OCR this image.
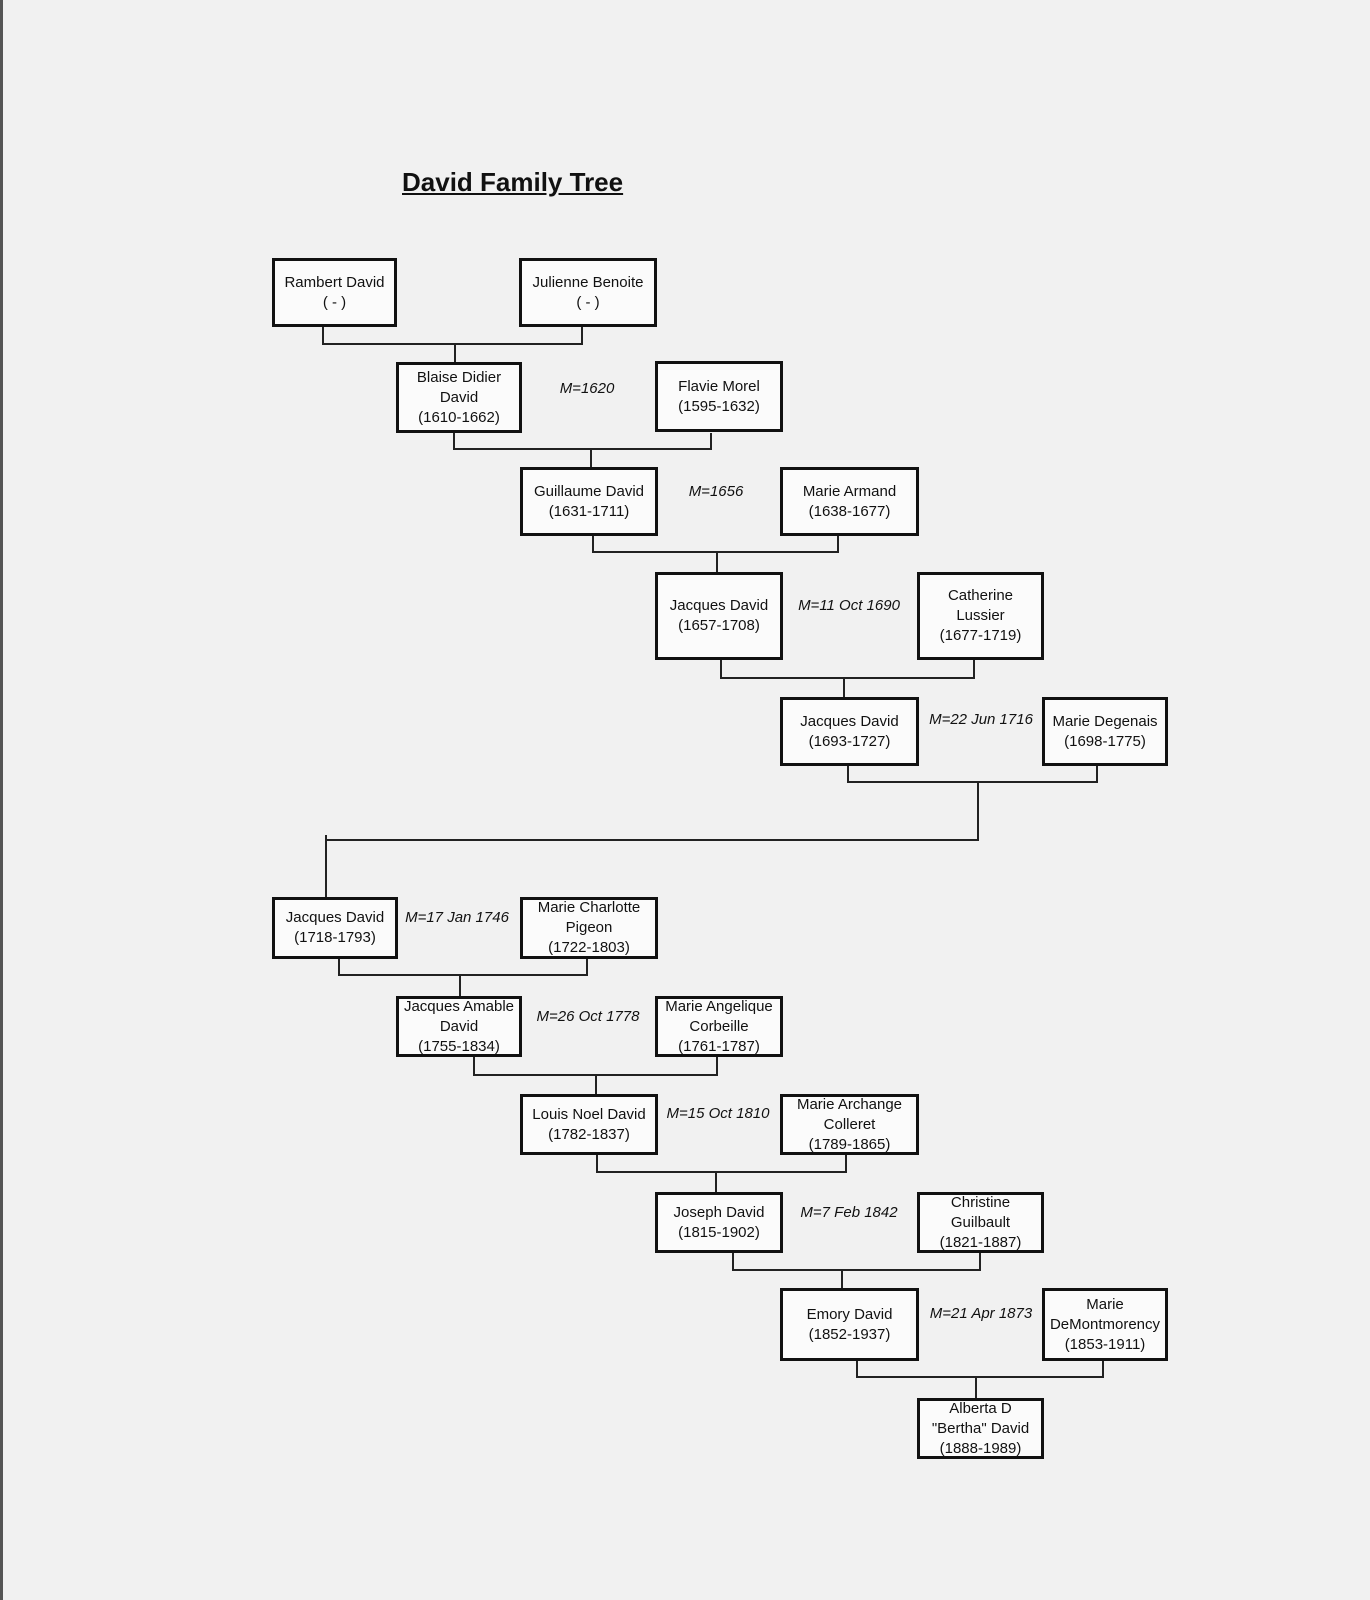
David Family Tree
Rambert David
( - )
Julienne Benoite
( - )
Blaise Didier
David
(1610-1662)
Flavie Morel
(1595-1632)
Guillaume David
(1631-1711)
Marie Armand
(1638-1677)
Jacques David
(1657-1708)
Catherine
Lussier
(1677-1719)
Jacques David
(1693-1727)
Marie Degenais
(1698-1775)
Jacques David
(1718-1793)
Marie Charlotte
Pigeon
(1722-1803)
Jacques Amable
David
(1755-1834)
Marie Angelique
Corbeille
(1761-1787)
Louis Noel David
(1782-1837)
Marie Archange
Colleret
(1789-1865)
Joseph David
(1815-1902)
Christine
Guilbault
(1821-1887)
Emory David
(1852-1937)
Marie
DeMontmorency
(1853-1911)
Alberta D
"Bertha" David
(1888-1989)
M=1620
M=1656
M=11 Oct 1690
M=22 Jun 1716
M=17 Jan 1746
M=26 Oct 1778
M=15 Oct 1810
M=7 Feb 1842
M=21 Apr 1873
